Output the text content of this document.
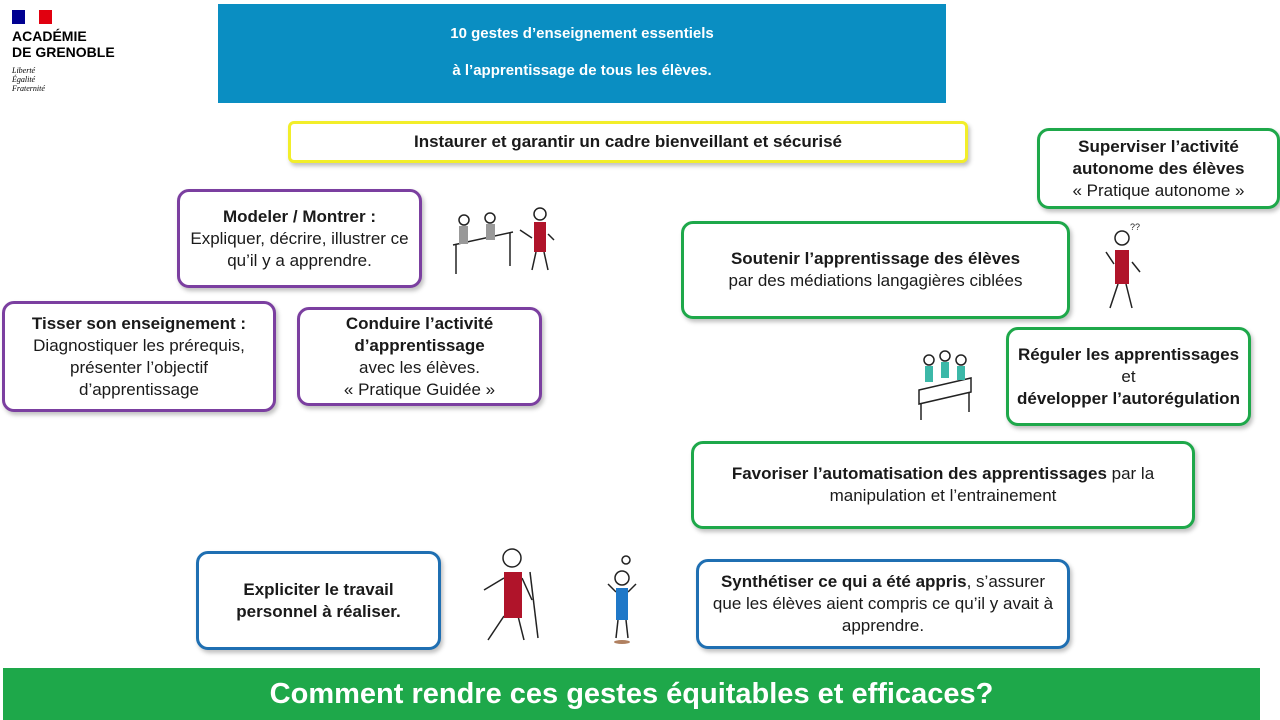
ACADÉMIE
DE GRENOBLE
Liberté
Égalité
Fraternité
10 gestes d’enseignement essentiels
à l’apprentissage de tous les élèves.
Instaurer et garantir un cadre bienveillant et sécurisé
Modeler / Montrer :
Expliquer, décrire, illustrer ce qu’il y a apprendre.
Tisser son enseignement :
Diagnostiquer les prérequis, présenter l’objectif d’apprentissage
Conduire l’activité d’apprentissage
avec les élèves.
« Pratique Guidée »
Superviser l’activité autonome des élèves
« Pratique autonome »
Soutenir l’apprentissage des élèves
par des médiations langagières ciblées
Réguler les apprentissages et
développer l’autorégulation
Favoriser l’automatisation des apprentissages par la manipulation et l’entrainement
Expliciter le travail personnel à réaliser.
Synthétiser ce qui a été appris, s’assurer que les élèves aient compris ce qu’il y avait à apprendre.
??
Comment rendre ces gestes équitables et efficaces?
